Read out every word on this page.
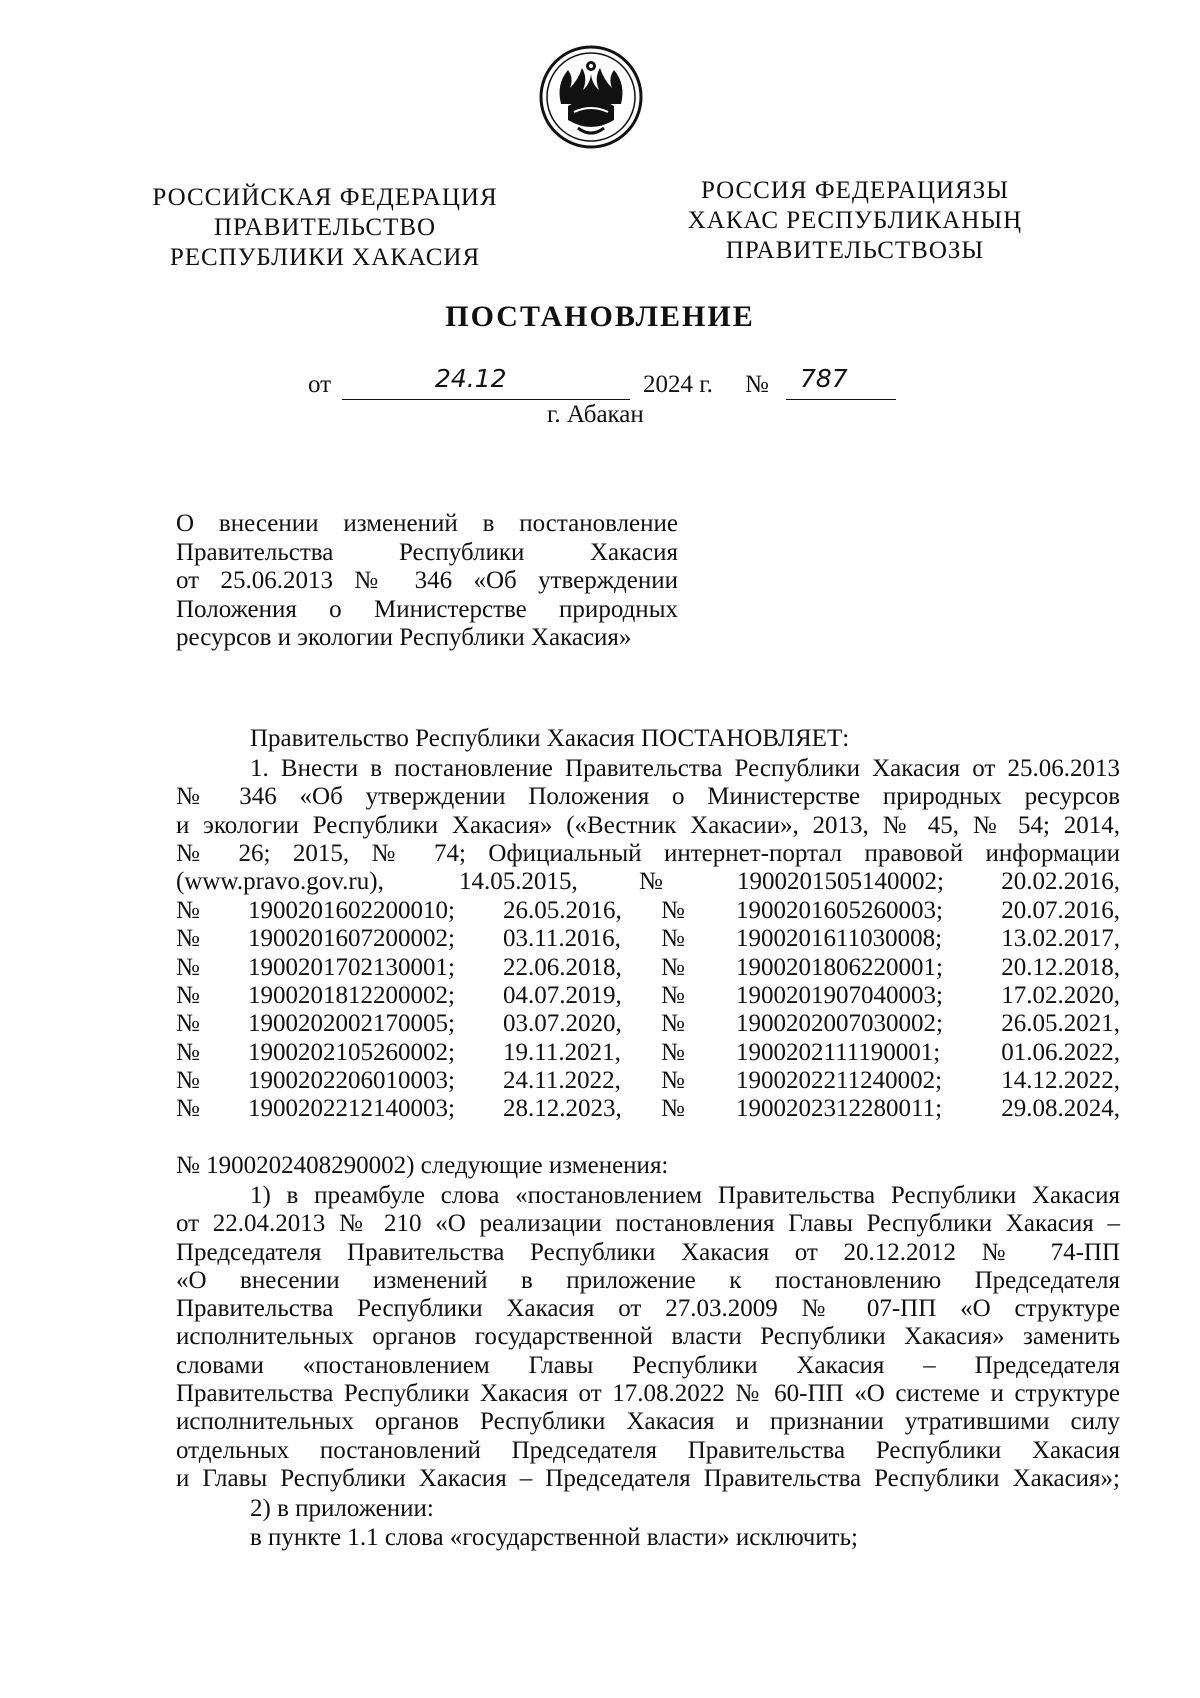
РОССИЙСКАЯ ФЕДЕРАЦИЯ
ПРАВИТЕЛЬСТВО
РЕСПУБЛИКИ ХАКАСИЯ
РОССИЯ ФЕДЕРАЦИЯЗЫ
ХАКАС РЕСПУБЛИКАНЫҢ
ПРАВИТЕЛЬСТВОЗЫ
ПОСТАНОВЛЕНИЕ
от	24.12	2024 г. № 787
г. Абакан
О внесении изменений в постановление
Правительства Республики Хакасия
от 25.06.2013 № 346 «Об утверждении
Положения о Министерстве природных
ресурсов и экологии Республики Хакасия»
Правительство Республики Хакасия ПОСТАНОВЛЯЕТ:
1. Внести в постановление Правительства Республики Хакасия от 25.06.2013
№ 346 «Об утверждении Положения о Министерстве природных ресурсов
и экологии Республики Хакасия» («Вестник Хакасии», 2013, № 45, № 54; 2014,
№ 26; 2015, № 74; Официальный интернет-портал правовой информации
(www.pravo.gov.ru),	14.05.2015, №	1900201505140002; 20.02.2016,
№ 1900201602200010; 26.05.2016, № 1900201605260003; 20.07.2016,
№ 1900201607200002; 03.11.2016, № 1900201611030008; 13.02.2017,
№ 1900201702130001; 22.06.2018, № 1900201806220001; 20.12.2018,
№ 1900201812200002; 04.07.2019, № 1900201907040003; 17.02.2020,
№ 1900202002170005; 03.07.2020, № 1900202007030002; 26.05.2021,
№ 1900202105260002; 19.11.2021, № 1900202111190001; 01.06.2022,
№ 1900202206010003; 24.11.2022, № 1900202211240002; 14.12.2022,
№ 1900202212140003; 28.12.2023, № 1900202312280011; 29.08.2024,
№ 1900202408290002) следующие изменения:
1) в преамбуле слова «постановлением Правительства Республики Хакасия
от 22.04.2013 № 210 «О реализации постановления Главы Республики Хакасия –
Председателя Правительства Республики Хакасия от 20.12.2012 № 74-ПП
«О внесении изменений в приложение к постановлению Председателя
Правительства Республики Хакасия от 27.03.2009 № 07-ПП «О структуре
исполнительных органов государственной власти Республики Хакасия» заменить
словами «постановлением Главы Республики Хакасия – Председателя
Правительства Республики Хакасия от 17.08.2022 № 60-ПП «О системе и структуре
исполнительных органов Республики Хакасия и признании утратившими силу
отдельных постановлений Председателя Правительства Республики Хакасия
и Главы Республики Хакасия – Председателя Правительства Республики Хакасия»;
2) в приложении:
в пункте 1.1 слова «государственной власти» исключить;
